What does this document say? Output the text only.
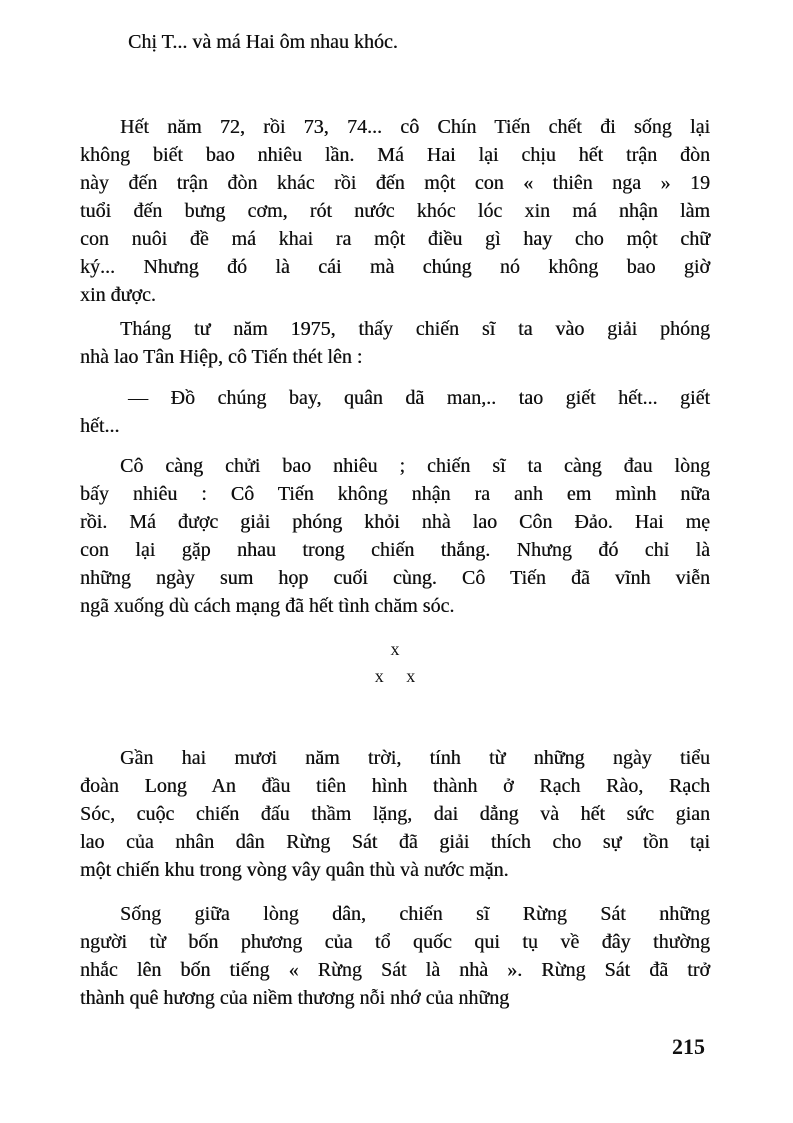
Chị T... và má Hai ôm nhau khóc.
Hết năm 72, rồi 73, 74... cô Chín Tiến chết đi sống lại
không biết bao nhiêu lần. Má Hai lại chịu hết trận đòn
này đến trận đòn khác rồi đến một con « thiên nga » 19
tuổi đến bưng cơm, rót nước khóc lóc xin má nhận làm
con nuôi đề má khai ra một điều gì hay cho một chữ
ký... Nhưng đó là cái mà chúng nó không bao giờ
xin được.
Tháng tư năm 1975, thấy chiến sĩ ta vào giải phóng
nhà lao Tân Hiệp, cô Tiến thét lên :
— Đồ chúng bay, quân dã man,.. tao giết hết... giết
hết...
Cô càng chửi bao nhiêu ; chiến sĩ ta càng đau lòng
bấy nhiêu : Cô Tiến không nhận ra anh em mình nữa
rồi. Má được giải phóng khỏi nhà lao Côn Đảo. Hai mẹ
con lại gặp nhau trong chiến thắng. Nhưng đó chỉ là
những ngày sum họp cuối cùng. Cô Tiến đã vĩnh viễn
ngã xuống dù cách mạng đã hết tình chăm sóc.
x
x     x
Gần hai mươi năm trời, tính từ những ngày tiểu
đoàn Long An đầu tiên hình thành ở Rạch Rào, Rạch
Sóc, cuộc chiến đấu thầm lặng, dai dẳng và hết sức gian
lao của nhân dân Rừng Sát đã giải thích cho sự tồn tại
một chiến khu trong vòng vây quân thù và nước mặn.
Sống giữa lòng dân, chiến sĩ Rừng Sát những
người từ bốn phương của tổ quốc qui tụ về đây thường
nhắc lên bốn tiếng « Rừng Sát là nhà ». Rừng Sát đã trở
thành quê hương của niềm thương nỗi nhớ của những
215
